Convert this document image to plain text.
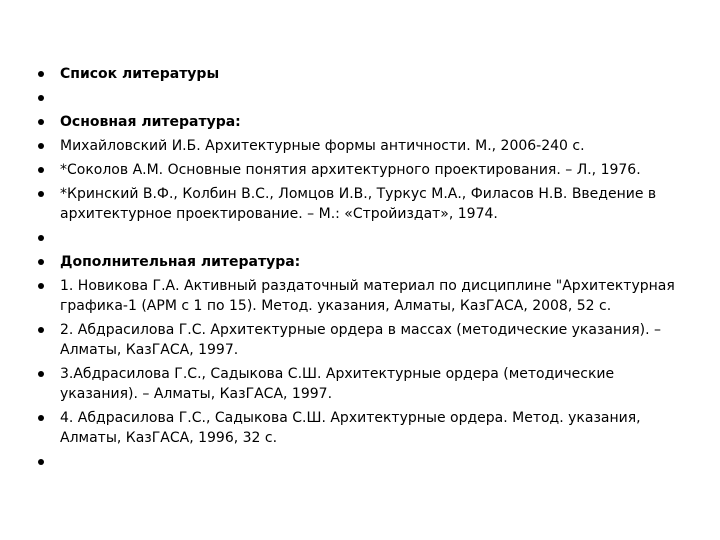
Список литературы
Основная литература:
Михайловский И.Б. Архитектурные формы античности. М., 2006-240 с.
*Соколов А.М. Основные понятия архитектурного проектирования. – Л., 1976.
*Кринский В.Ф., Колбин В.С., Ломцов И.В., Туркус М.А., Филасов Н.В. Введение в архитектурное проектирование. – М.: «Стройиздат», 1974.
Дополнительная литература:
1. Новикова Г.А. Активный раздаточный материал по дисциплине "Архитектурная графика-1 (АРМ с 1 по 15). Метод. указания, Алматы, КазГАСА, 2008, 52 с.
2. Абдрасилова Г.С. Архитектурные ордера в массах (методические указания). – Алматы, КазГАСА, 1997.
3.Абдрасилова Г.С., Садыкова С.Ш. Архитектурные ордера (методические указания). – Алматы, КазГАСА, 1997.
4. Абдрасилова Г.С., Садыкова С.Ш. Архитектурные ордера. Метод. указания, Алматы, КазГАСА, 1996, 32 с.
